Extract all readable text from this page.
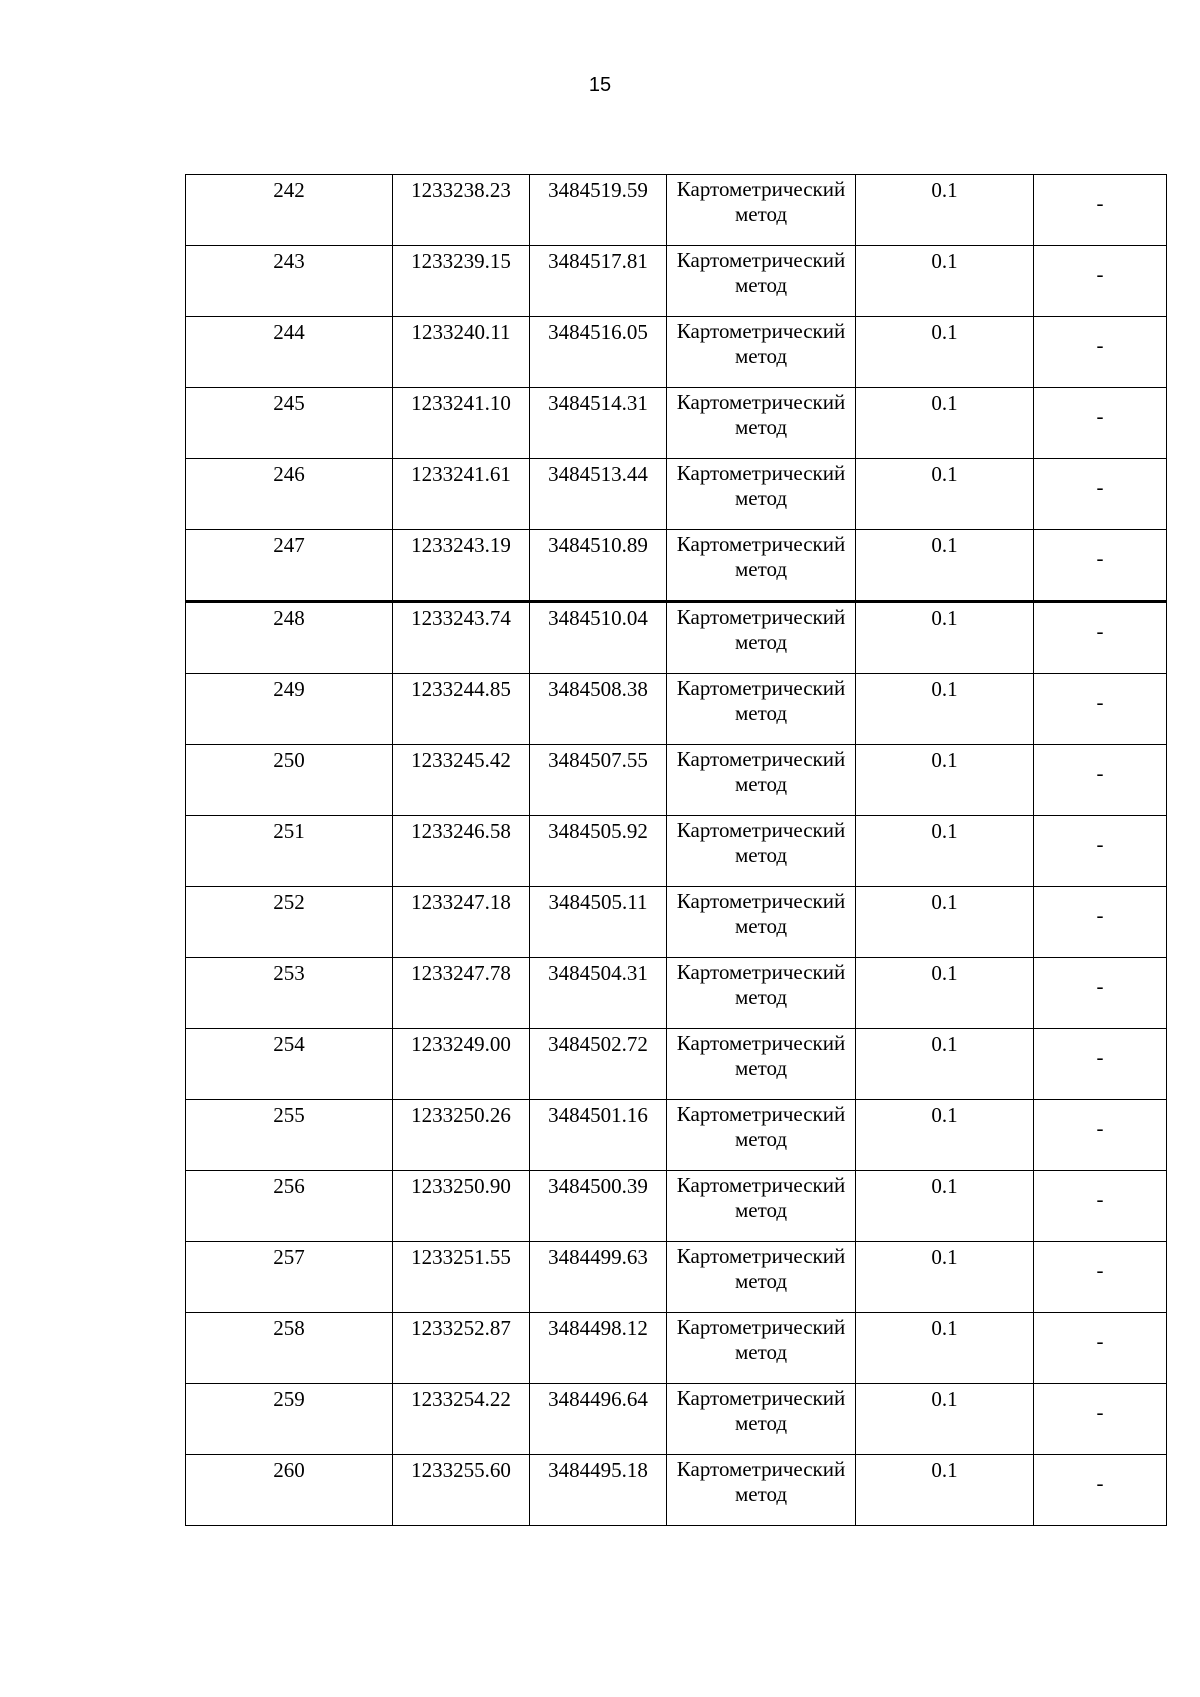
15
242	1233238.23	3484519.59	Картометрический
метод	0.1	-

243	1233239.15	3484517.81	Картометрический
метод	0.1	-

244	1233240.11	3484516.05	Картометрический
метод	0.1	-

245	1233241.10	3484514.31	Картометрический
метод	0.1	-

246	1233241.61	3484513.44	Картометрический
метод	0.1	-

247	1233243.19	3484510.89	Картометрический
метод	0.1	-

248	1233243.74	3484510.04	Картометрический
метод	0.1	-

249	1233244.85	3484508.38	Картометрический
метод	0.1	-

250	1233245.42	3484507.55	Картометрический
метод	0.1	-

251	1233246.58	3484505.92	Картометрический
метод	0.1	-

252	1233247.18	3484505.11	Картометрический
метод	0.1	-

253	1233247.78	3484504.31	Картометрический
метод	0.1	-

254	1233249.00	3484502.72	Картометрический
метод	0.1	-

255	1233250.26	3484501.16	Картометрический
метод	0.1	-

256	1233250.90	3484500.39	Картометрический
метод	0.1	-

257	1233251.55	3484499.63	Картометрический
метод	0.1	-

258	1233252.87	3484498.12	Картометрический
метод	0.1	-

259	1233254.22	3484496.64	Картометрический
метод	0.1	-

260	1233255.60	3484495.18	Картометрический
метод	0.1	-
